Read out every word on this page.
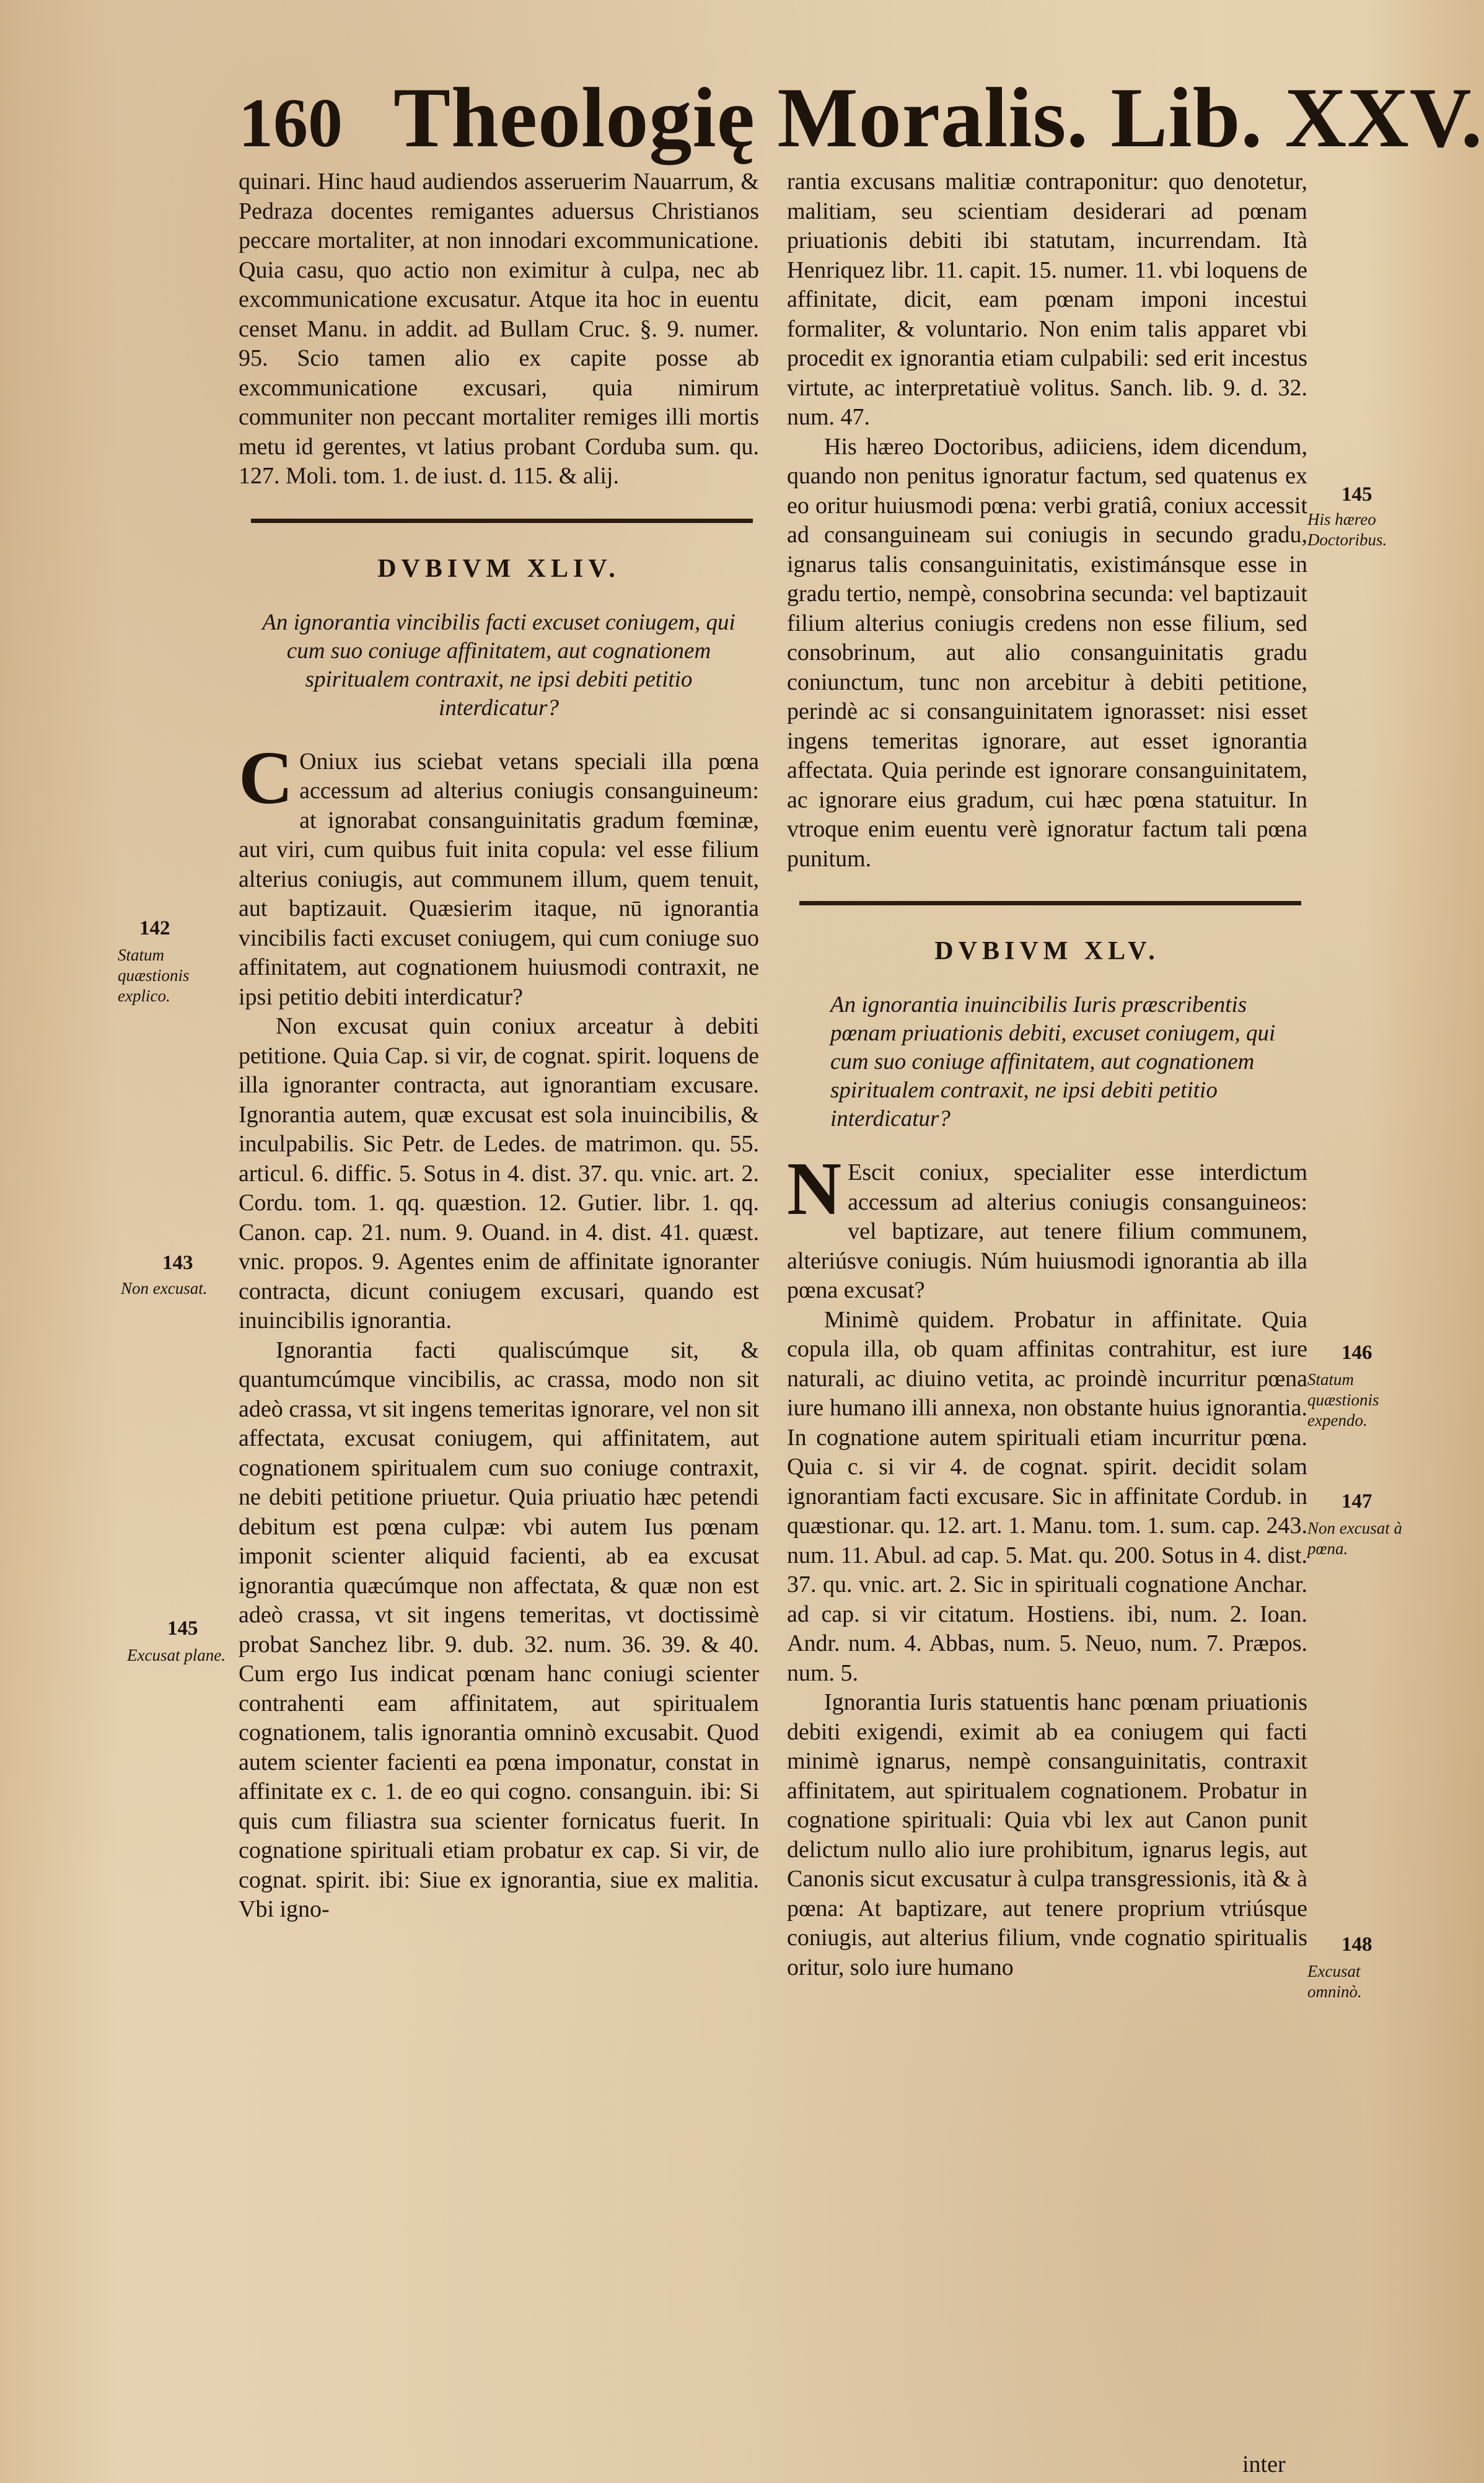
160 Theologię Moralis. Lib. XXV.

quinari. Hinc haud audiendos asseruerim Nauarrum, & Pedraza docentes remigantes aduersus Christianos peccare mortaliter, at non innodari excommunicatione. Quia casu, quo actio non eximitur à culpa, nec ab excommunicatione excusatur. Atque ita hoc in euentu censet Manu. in addit. ad Bullam Cruc. §. 9. numer. 95. Scio tamen alio ex capite posse ab excommunicatione excusari, quia nimirum communiter non peccant mortaliter remiges illi mortis metu id gerentes, vt latius probant Corduba sum. qu. 127. Moli. tom. 1. de iust. d. 115. & alij.

DVBIVM XLIV.

An ignorantia vincibilis facti excuset coniugem, qui cum suo coniuge affinitatem, aut cognationem spiritualem contraxit, ne ipsi debiti petitio interdicatur?

C Oniux ius sciebat vetans speciali illa pœna accessum ad alterius coniugis consanguineum: at ignorabat consanguinitatis gradum fœminæ, aut viri, cum quibus fuit inita copula: vel esse filium alterius coniugis, aut communem illum, quem tenuit, aut baptizauit. Quæsierim itaque, nū ignorantia vincibilis facti excuset coniugem, qui cum coniuge suo affinitatem, aut cognationem huiusmodi contraxit, ne ipsi petitio debiti interdicatur?

Non excusat quin coniux arceatur à debiti petitione. Quia Cap. si vir, de cognat. spirit. loquens de illa ignoranter contracta, aut ignorantiam excusare. Ignorantia autem, quæ excusat est sola inuincibilis, & inculpabilis. Sic Petr. de Ledes. de matrimon. qu. 55. articul. 6. diffic. 5. Sotus in 4. dist. 37. qu. vnic. art. 2. Cordu. tom. 1. qq. quæstion. 12. Gutier. libr. 1. qq. Canon. cap. 21. num. 9. Ouand. in 4. dist. 41. quæst. vnic. propos. 9. Agentes enim de affinitate ignoranter contracta, dicunt coniugem excusari, quando est inuincibilis ignorantia.

Ignorantia facti qualiscúmque sit, & quantumcúmque vincibilis, ac crassa, modo non sit adeò crassa, vt sit ingens temeritas ignorare, vel non sit affectata, excusat coniugem, qui affinitatem, aut cognationem spiritualem cum suo coniuge contraxit, ne debiti petitione priuetur. Quia priuatio hæc petendi debitum est pœna culpæ: vbi autem Ius pœnam imponit scienter aliquid facienti, ab ea excusat ignorantia quæcúmque non affectata, & quæ non est adeò crassa, vt sit ingens temeritas, vt doctissimè probat Sanchez libr. 9. dub. 32. num. 36. 39. & 40. Cum ergo Ius indicat pœnam hanc coniugi scienter contrahenti eam affinitatem, aut spiritualem cognationem, talis ignorantia omninò excusabit. Quod autem scienter facienti ea pœna imponatur, constat in affinitate ex c. 1. de eo qui cogno. consanguin. ibi: Si quis cum filiastra sua scienter fornicatus fuerit. In cognatione spirituali etiam probatur ex cap. Si vir, de cognat. spirit. ibi: Siue ex ignorantia, siue ex malitia. Vbi igno-

rantia excusans malitiæ contraponitur: quo denotetur, malitiam, seu scientiam desiderari ad pœnam priuationis debiti ibi statutam, incurrendam. Ità Henriquez libr. 11. capit. 15. numer. 11. vbi loquens de affinitate, dicit, eam pœnam imponi incestui formaliter, & voluntario. Non enim talis apparet vbi procedit ex ignorantia etiam culpabili: sed erit incestus virtute, ac interpretatiuè volitus. Sanch. lib. 9. d. 32. num. 47.

His hæreo Doctoribus, adiiciens, idem dicendum, quando non penitus ignoratur factum, sed quatenus ex eo oritur huiusmodi pœna: verbi gratiâ, coniux accessit ad consanguineam sui coniugis in secundo gradu, ignarus talis consanguinitatis, existimánsque esse in gradu tertio, nempè, consobrina secunda: vel baptizauit filium alterius coniugis credens non esse filium, sed consobrinum, aut alio consanguinitatis gradu coniunctum, tunc non arcebitur à debiti petitione, perindè ac si consanguinitatem ignorasset: nisi esset ingens temeritas ignorare, aut esset ignorantia affectata. Quia perinde est ignorare consanguinitatem, ac ignorare eius gradum, cui hæc pœna statuitur. In vtroque enim euentu verè ignoratur factum tali pœna punitum.

DVBIVM XLV.

An ignorantia inuincibilis Iuris præscribentis pœnam priuationis debiti, excuset coniugem, qui cum suo coniuge affinitatem, aut cognationem spiritualem contraxit, ne ipsi debiti petitio interdicatur?

N Escit coniux, specialiter esse interdictum accessum ad alterius coniugis consanguineos: vel baptizare, aut tenere filium communem, alteriúsve coniugis. Núm huiusmodi ignorantia ab illa pœna excusat?

Minimè quidem. Probatur in affinitate. Quia copula illa, ob quam affinitas contrahitur, est iure naturali, ac diuino vetita, ac proindè incurritur pœna iure humano illi annexa, non obstante huius ignorantia. In cognatione autem spirituali etiam incurritur pœna. Quia c. si vir 4. de cognat. spirit. decidit solam ignorantiam facti excusare. Sic in affinitate Cordub. in quæstionar. qu. 12. art. 1. Manu. tom. 1. sum. cap. 243. num. 11. Abul. ad cap. 5. Mat. qu. 200. Sotus in 4. dist. 37. qu. vnic. art. 2. Sic in spirituali cognatione Anchar. ad cap. si vir citatum. Hostiens. ibi, num. 2. Ioan. Andr. num. 4. Abbas, num. 5. Neuo, num. 7. Præpos. num. 5.

Ignorantia Iuris statuentis hanc pœnam priuationis debiti exigendi, eximit ab ea coniugem qui facti minimè ignarus, nempè consanguinitatis, contraxit affinitatem, aut spiritualem cognationem. Probatur in cognatione spirituali: Quia vbi lex aut Canon punit delictum nullo alio iure prohibitum, ignarus legis, aut Canonis sicut excusatur à culpa transgressionis, ità & à pœna: At baptizare, aut tenere proprium vtriúsque coniugis, aut alterius filium, vnde cognatio spiritualis oritur, solo iure humano

142
Statum quæstionis explico.
143
Non excusat.
145
Excusat plane.
145
His hæreo Doctoribus.
146
Statum quæstionis expendo.
147
Non excusat à pœna.
148
Excusat omninò.
inter
